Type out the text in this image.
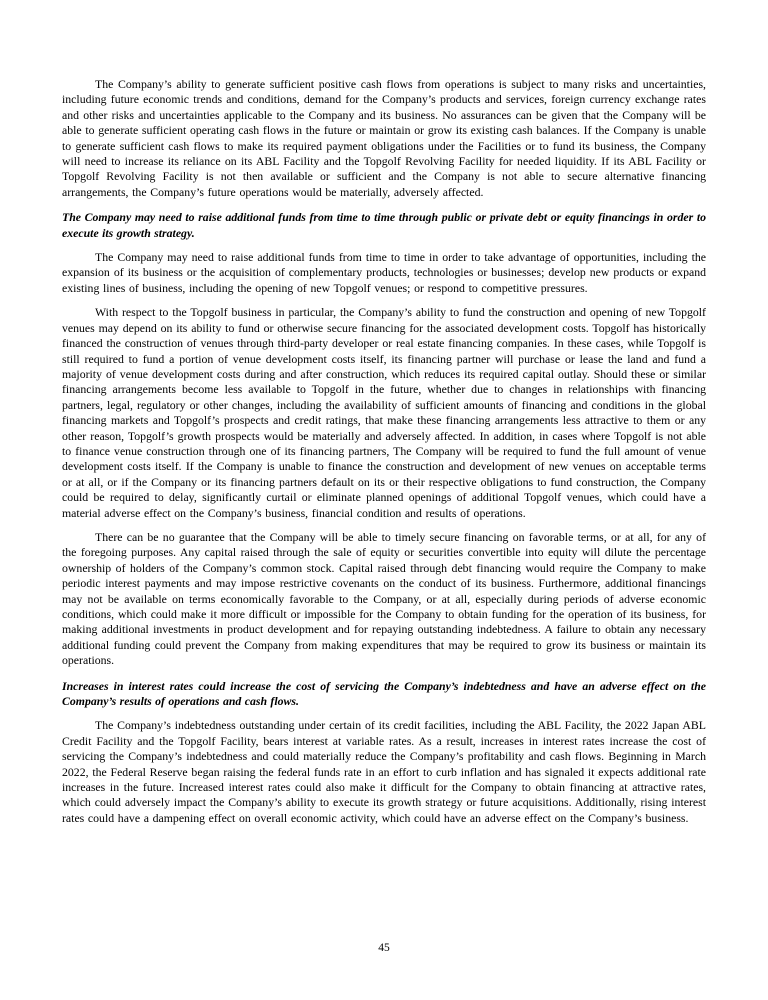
The Company’s ability to generate sufficient positive cash flows from operations is subject to many risks and uncertainties, including future economic trends and conditions, demand for the Company’s products and services, foreign currency exchange rates and other risks and uncertainties applicable to the Company and its business. No assurances can be given that the Company will be able to generate sufficient operating cash flows in the future or maintain or grow its existing cash balances. If the Company is unable to generate sufficient cash flows to make its required payment obligations under the Facilities or to fund its business, the Company will need to increase its reliance on its ABL Facility and the Topgolf Revolving Facility for needed liquidity. If its ABL Facility or Topgolf Revolving Facility is not then available or sufficient and the Company is not able to secure alternative financing arrangements, the Company’s future operations would be materially, adversely affected.

The Company may need to raise additional funds from time to time through public or private debt or equity financings in order to execute its growth strategy.

The Company may need to raise additional funds from time to time in order to take advantage of opportunities, including the expansion of its business or the acquisition of complementary products, technologies or businesses; develop new products or expand existing lines of business, including the opening of new Topgolf venues; or respond to competitive pressures.

With respect to the Topgolf business in particular, the Company’s ability to fund the construction and opening of new Topgolf venues may depend on its ability to fund or otherwise secure financing for the associated development costs. Topgolf has historically financed the construction of venues through third-party developer or real estate financing companies. In these cases, while Topgolf is still required to fund a portion of venue development costs itself, its financing partner will purchase or lease the land and fund a majority of venue development costs during and after construction, which reduces its required capital outlay. Should these or similar financing arrangements become less available to Topgolf in the future, whether due to changes in relationships with financing partners, legal, regulatory or other changes, including the availability of sufficient amounts of financing and conditions in the global financing markets and Topgolf’s prospects and credit ratings, that make these financing arrangements less attractive to them or any other reason, Topgolf’s growth prospects would be materially and adversely affected. In addition, in cases where Topgolf is not able to finance venue construction through one of its financing partners, The Company will be required to fund the full amount of venue development costs itself. If the Company is unable to finance the construction and development of new venues on acceptable terms or at all, or if the Company or its financing partners default on its or their respective obligations to fund construction, the Company could be required to delay, significantly curtail or eliminate planned openings of additional Topgolf venues, which could have a material adverse effect on the Company’s business, financial condition and results of operations.

There can be no guarantee that the Company will be able to timely secure financing on favorable terms, or at all, for any of the foregoing purposes. Any capital raised through the sale of equity or securities convertible into equity will dilute the percentage ownership of holders of the Company’s common stock. Capital raised through debt financing would require the Company to make periodic interest payments and may impose restrictive covenants on the conduct of its business. Furthermore, additional financings may not be available on terms economically favorable to the Company, or at all, especially during periods of adverse economic conditions, which could make it more difficult or impossible for the Company to obtain funding for the operation of its business, for making additional investments in product development and for repaying outstanding indebtedness. A failure to obtain any necessary additional funding could prevent the Company from making expenditures that may be required to grow its business or maintain its operations.

Increases in interest rates could increase the cost of servicing the Company’s indebtedness and have an adverse effect on the Company’s results of operations and cash flows.

The Company’s indebtedness outstanding under certain of its credit facilities, including the ABL Facility, the 2022 Japan ABL Credit Facility and the Topgolf Facility, bears interest at variable rates. As a result, increases in interest rates increase the cost of servicing the Company’s indebtedness and could materially reduce the Company’s profitability and cash flows. Beginning in March 2022, the Federal Reserve began raising the federal funds rate in an effort to curb inflation and has signaled it expects additional rate increases in the future. Increased interest rates could also make it difficult for the Company to obtain financing at attractive rates, which could adversely impact the Company’s ability to execute its growth strategy or future acquisitions. Additionally, rising interest rates could have a dampening effect on overall economic activity, which could have an adverse effect on the Company’s business.

45
